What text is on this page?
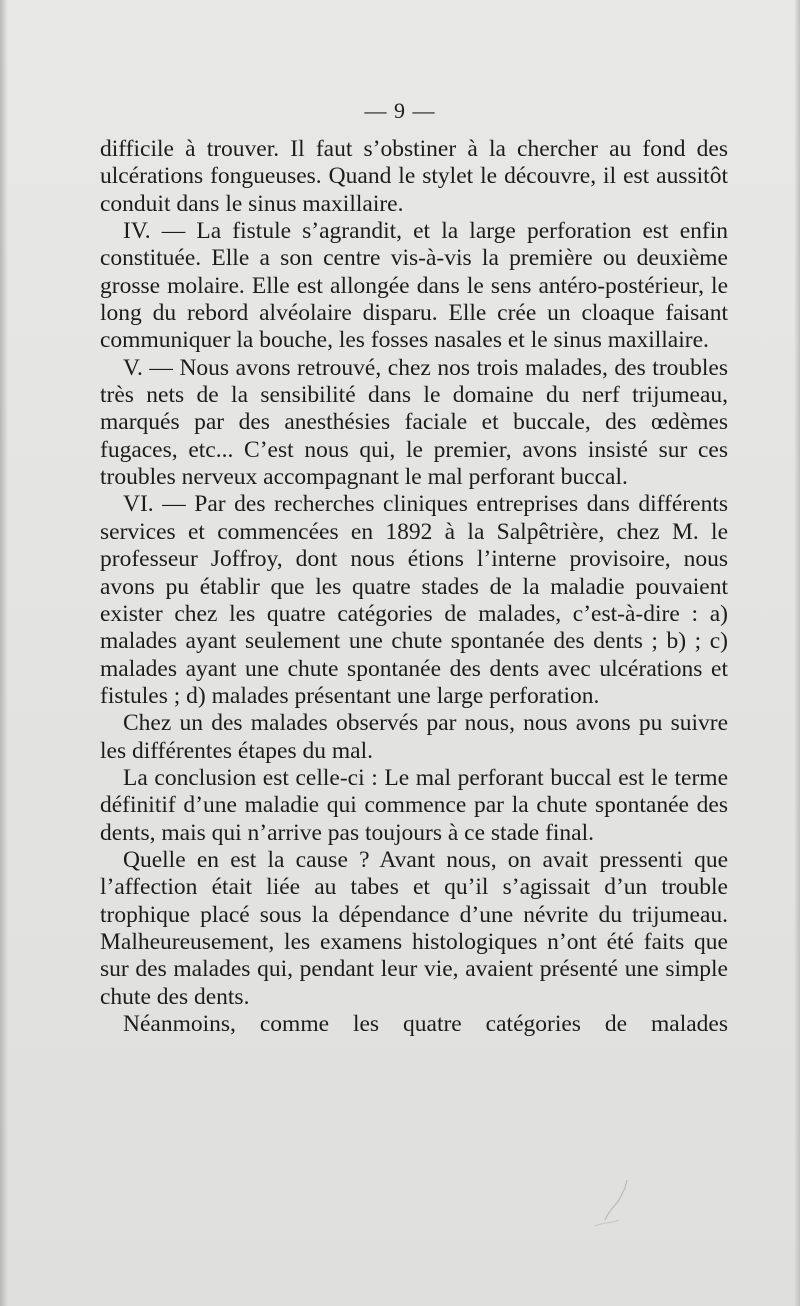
— 9 —

difficile à trouver. Il faut s’obstiner à la chercher au fond des ulcérations fongueuses. Quand le stylet le découvre, il est aussitôt conduit dans le sinus maxillaire.

IV. — La fistule s’agrandit, et la large perforation est enfin constituée. Elle a son centre vis-à-vis la première ou deuxième grosse molaire. Elle est allongée dans le sens antéro-postérieur, le long du rebord alvéolaire disparu. Elle crée un cloaque faisant communiquer la bouche, les fosses nasales et le sinus maxillaire.

V. — Nous avons retrouvé, chez nos trois malades, des troubles très nets de la sensibilité dans le domaine du nerf trijumeau, marqués par des anesthésies faciale et buccale, des œdèmes fugaces, etc... C’est nous qui, le premier, avons insisté sur ces troubles nerveux accompagnant le mal perforant buccal.

VI. — Par des recherches cliniques entreprises dans différents services et commencées en 1892 à la Salpêtrière, chez M. le professeur Joffroy, dont nous étions l’interne provisoire, nous avons pu établir que les quatre stades de la maladie pouvaient exister chez les quatre catégories de malades, c’est-à-dire : a) malades ayant seulement une chute spontanée des dents ; b) ; c) malades ayant une chute spontanée des dents avec ulcérations et fistules ; d) malades présentant une large perforation.

Chez un des malades observés par nous, nous avons pu suivre les différentes étapes du mal.

La conclusion est celle-ci : Le mal perforant buccal est le terme définitif d’une maladie qui commence par la chute spontanée des dents, mais qui n’arrive pas toujours à ce stade final.

Quelle en est la cause ? Avant nous, on avait pressenti que l’affection était liée au tabes et qu’il s’agissait d’un trouble trophique placé sous la dépendance d’une névrite du trijumeau. Malheureusement, les examens histologiques n’ont été faits que sur des malades qui, pendant leur vie, avaient présenté une simple chute des dents.

Néanmoins, comme les quatre catégories de malades
